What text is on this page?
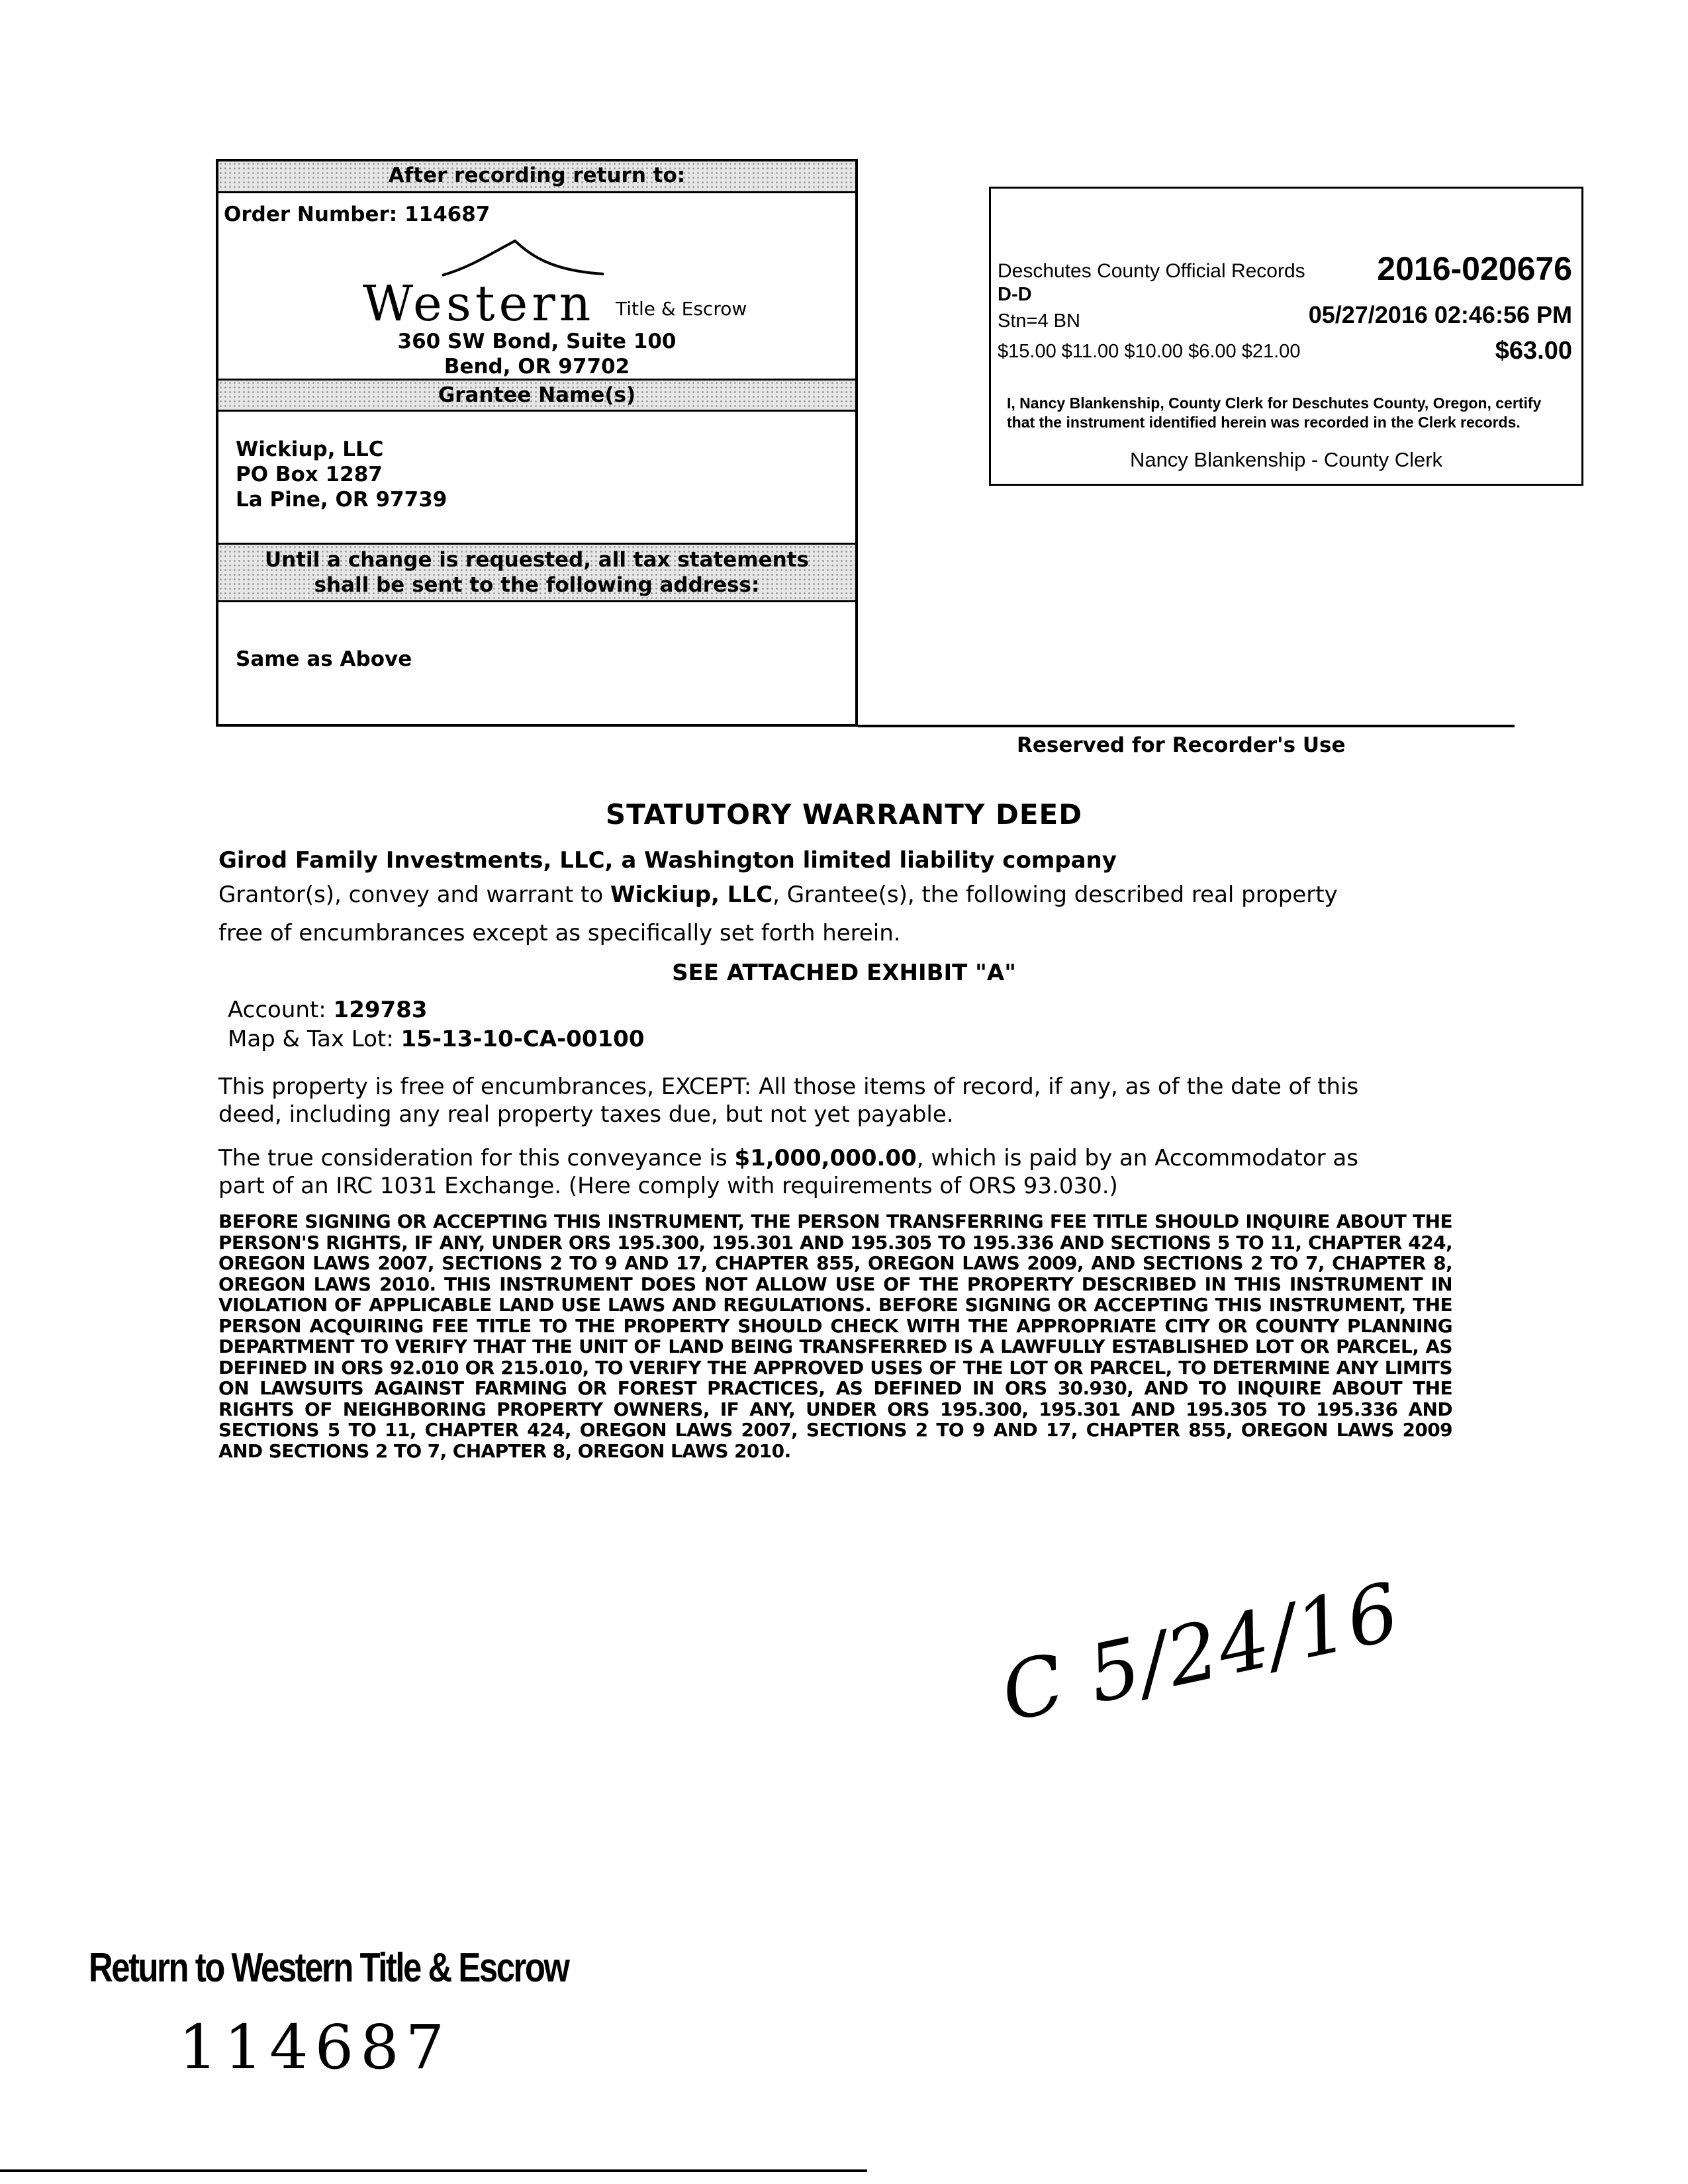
After recording return to:
Order Number: 114687
Western Title & Escrow
360 SW Bond, Suite 100
Bend, OR 97702
Grantee Name(s)
Wickiup, LLC
PO Box 1287
La Pine, OR 97739
Until a change is requested, all tax statements
shall be sent to the following address:
Same as Above
Deschutes County Official Records 2016-020676
D-D
Stn=4 BN	05/27/2016 02:46:56 PM
$15.00 $11.00 $10.00 $6.00 $21.00	$63.00
I, Nancy Blankenship, County Clerk for Deschutes County, Oregon, certify that the instrument identified herein was recorded in the Clerk records.
Nancy Blankenship - County Clerk
Reserved for Recorder's Use
STATUTORY WARRANTY DEED
Girod Family Investments, LLC, a Washington limited liability company
Grantor(s), convey and warrant to Wickiup, LLC, Grantee(s), the following described real property
free of encumbrances except as specifically set forth herein.
SEE ATTACHED EXHIBIT "A"
Account: 129783
Map & Tax Lot: 15-13-10-CA-00100
This property is free of encumbrances, EXCEPT: All those items of record, if any, as of the date of this
deed, including any real property taxes due, but not yet payable.
The true consideration for this conveyance is $1,000,000.00, which is paid by an Accommodator as
part of an IRC 1031 Exchange. (Here comply with requirements of ORS 93.030.)
BEFORE SIGNING OR ACCEPTING THIS INSTRUMENT, THE PERSON TRANSFERRING FEE TITLE SHOULD INQUIRE ABOUT THE PERSON'S RIGHTS, IF ANY, UNDER ORS 195.300, 195.301 AND 195.305 TO 195.336 AND SECTIONS 5 TO 11, CHAPTER 424, OREGON LAWS 2007, SECTIONS 2 TO 9 AND 17, CHAPTER 855, OREGON LAWS 2009, AND SECTIONS 2 TO 7, CHAPTER 8, OREGON LAWS 2010. THIS INSTRUMENT DOES NOT ALLOW USE OF THE PROPERTY DESCRIBED IN THIS INSTRUMENT IN VIOLATION OF APPLICABLE LAND USE LAWS AND REGULATIONS. BEFORE SIGNING OR ACCEPTING THIS INSTRUMENT, THE PERSON ACQUIRING FEE TITLE TO THE PROPERTY SHOULD CHECK WITH THE APPROPRIATE CITY OR COUNTY PLANNING DEPARTMENT TO VERIFY THAT THE UNIT OF LAND BEING TRANSFERRED IS A LAWFULLY ESTABLISHED LOT OR PARCEL, AS DEFINED IN ORS 92.010 OR 215.010, TO VERIFY THE APPROVED USES OF THE LOT OR PARCEL, TO DETERMINE ANY LIMITS ON LAWSUITS AGAINST FARMING OR FOREST PRACTICES, AS DEFINED IN ORS 30.930, AND TO INQUIRE ABOUT THE RIGHTS OF NEIGHBORING PROPERTY OWNERS, IF ANY, UNDER ORS 195.300, 195.301 AND 195.305 TO 195.336 AND SECTIONS 5 TO 11, CHAPTER 424, OREGON LAWS 2007, SECTIONS 2 TO 9 AND 17, CHAPTER 855, OREGON LAWS 2009 AND SECTIONS 2 TO 7, CHAPTER 8, OREGON LAWS 2010.
C 5/24/16
Return to Western Title & Escrow
114687
